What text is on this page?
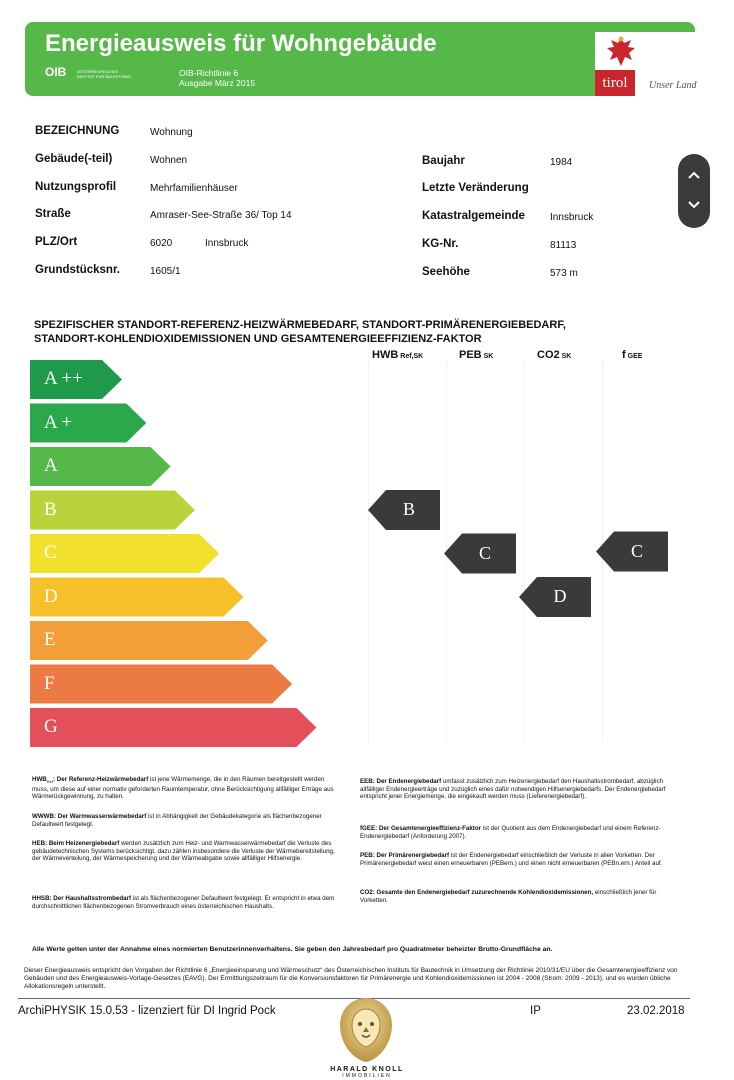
Energieausweis für Wohngebäude
OIB	ÖSTERREICHISCHES INSTITUT FÜR BAUTECHNIK	OIB-Richtlinie 6
Ausgabe März 2015	tirol	Unser Land
BEZEICHNUNG	Wohnung
Gebäude(-teil)	Wohnen
Nutzungsprofil	Mehrfamilienhäuser
Straße	Amraser-See-Straße 36/ Top 14
PLZ/Ort	6020	Innsbruck
Grundstücksnr.	1605/1
Baujahr	1984
Letzte Veränderung
Katastralgemeinde	Innsbruck
KG-Nr.	81113
Seehöhe	573 m
SPEZIFISCHER STANDORT-REFERENZ-HEIZWÄRMEBEDARF, STANDORT-PRIMÄRENERGIEBEDARF,
STANDORT-KOHLENDIOXIDEMISSIONEN UND GESAMTENERGIEEFFIZIENZ-FAKTOR
HWB Ref,SK	PEB SK	CO2 SK	fGEE
A ++
A +
A
B
C
D
E
F
G
B
C
D
C
$HWB_{Ref}$: Der Referenz-Heizwärmebedarf ist jene Wärmemenge, die in den Räumen bereitgestellt werden muss, um diese auf einer normativ geforderten Raumtemperatur, ohne Berücksichtigung allfälliger Erträge aus Wärmerückgewinnung, zu halten.
WWWB: Der Warmwasserwärmebedarf ist in Abhängigkeit der Gebäudekategorie als flächenbezogener Defaultwert festgelegt.
HEB: Beim Heizenergiebedarf werden zusätzlich zum Heiz- und Warmwasserwärmebedarf die Verluste des gebäudetechnischen Systems berücksichtigt, dazu zählen insbesondere die Verluste der Wärmebereitstellung, der Wärmeverteilung, der Wärmespeicherung und der Wärmeabgabe sowie allfälliger Hilfsenergie.
HHSB: Der Haushaltsstrombedarf ist als flächenbezogener Defaultwert festgelegt. Er entspricht in etwa dem durchschnittlichen flächenbezogenen Stromverbrauch eines österreichischen Haushalts.
EEB: Der Endenergiebedarf umfasst zusätzlich zum Heizenergiebedarf den Haushaltsstrombedarf, abzüglich allfälliger Endenergieerträge und zuzüglich eines dafür notwendigen Hilfsenergiebedarfs. Der Endenergiebedarf entspricht jener Energiemenge, die eingekauft werden muss (Lieferenergiebedarf).
fGEE: Der Gesamtenergieeffizienz-Faktor ist der Quotient aus dem Endenergiebedarf und einem Referenz-Endenergiebedarf (Anforderung 2007).
PEB: Der Primärenergiebedarf ist der Endenergiebedarf einschließlich der Verluste in allen Vorketten. Der Primärenergiebedarf weist einen erneuerbaren (PEBern.) und einen nicht erneuerbaren (PEBn.ern.) Anteil auf.
CO2: Gesamte den Endenergiebedarf zuzurechnende Kohlendioxidemissionen, einschließlich jener für Vorketten.
Alle Werte gelten unter der Annahme eines normierten Benutzerinnenverhaltens. Sie geben den Jahresbedarf pro Quadratmeter beheizter Brutto-Grundfläche an.
Dieser Energieausweis entspricht den Vorgaben der Richtlinie 6 „Energieeinsparung und Wärmeschutz“ des Österreichischen Instituts für Bautechnik in Umsetzung der Richtlinie 2010/31/EU über die Gesamtenergieeffizienz von Gebäuden und des Energieausweis-Vorlage-Gesetzes (EAVG). Der Ermittlungszeitraum für die Konversionsfaktoren für Primärenergie und Kohlendioxidemissionen ist 2004 - 2008 (Strom: 2009 - 2013), und es wurden übliche Allokationsregeln unterstellt.
ArchiPHYSIK 15.0.53 - lizenziert für DI Ingrid Pock	IP	23.02.2018
HARALD KNOLL
IMMOBILIEN
